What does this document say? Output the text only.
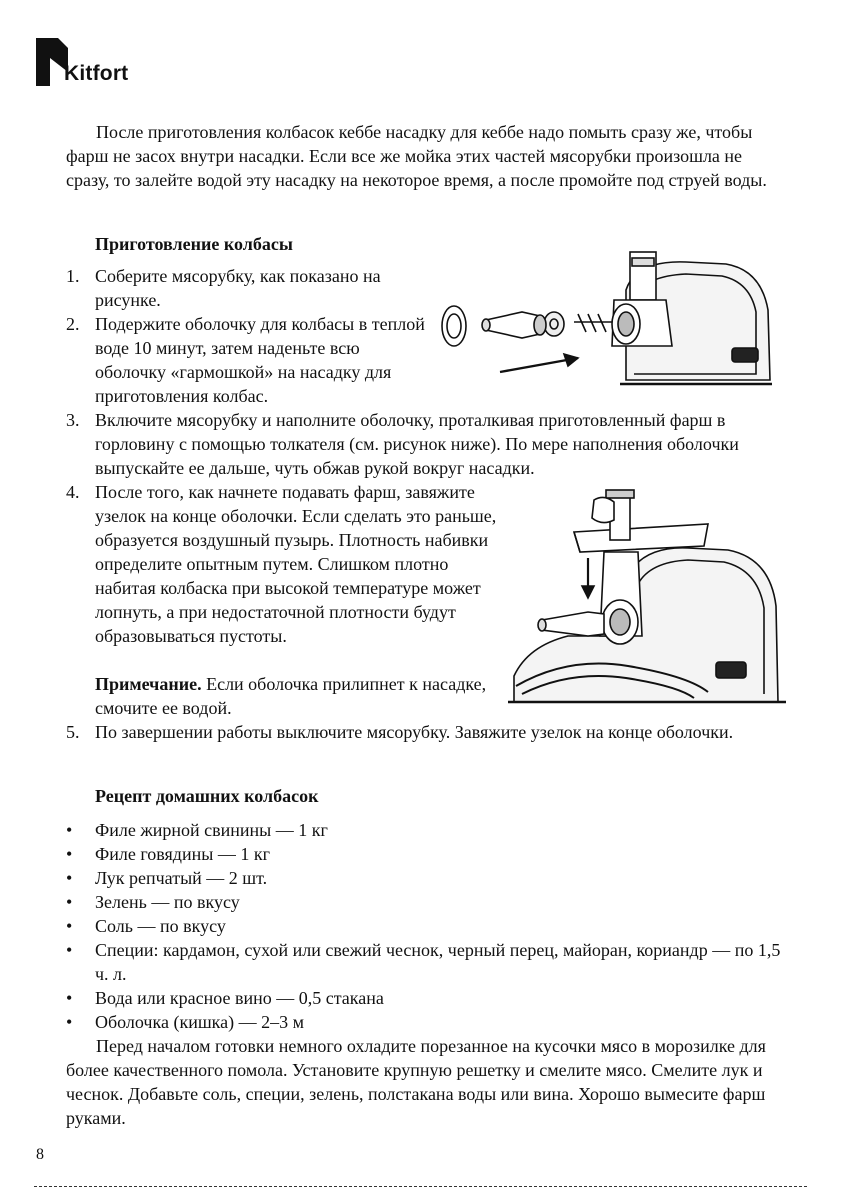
Kitfort

После приготовления колбасок кеббе насадку для кеббе надо помыть сразу же, чтобы фарш не засох внутри насадки. Если все же мойка этих частей мясорубки произошла не сразу, то залейте водой эту насадку на некоторое время, а после промойте под струей воды.

Приготовление колбасы

1. Соберите мясорубку, как показано на рисунке.

2. Подержите оболочку для колбасы в теплой воде 10 минут, затем наденьте всю оболочку «гармошкой» на насадку для приготовления колбас.

3. Включите мясорубку и наполните оболочку, проталкивая приготовленный фарш в горловину с помощью толкателя (см. рисунок ниже). По мере наполнения оболочки выпускайте ее дальше, чуть обжав рукой вокруг насадки.

4. После того, как начнете подавать фарш, завяжите узелок на конце оболочки. Если сделать это раньше, образуется воздушный пузырь. Плотность набивки определите опытным путем. Слишком плотно набитая колбаска при высокой температуре может лопнуть, а при недостаточной плотности будут образовываться пустоты.

Примечание. Если оболочка прилипнет к насадке, смочите ее водой.

5. По завершении работы выключите мясорубку. Завяжите узелок на конце оболочки.

Рецепт домашних колбасок

• Филе жирной свинины — 1 кг

• Филе говядины — 1 кг

• Лук репчатый — 2 шт.

• Зелень — по вкусу

• Соль — по вкусу

• Специи: кардамон, сухой или свежий чеснок, черный перец, майоран, кориандр — по 1,5 ч. л.

• Вода или красное вино — 0,5 стакана

• Оболочка (кишка) — 2–3 м

Перед началом готовки немного охладите порезанное на кусочки мясо в морозилке для более качественного помола. Установите крупную решетку и смелите мясо. Смелите лук и чеснок. Добавьте соль, специи, зелень, полстакана воды или вина. Хорошо вымесите фарш руками.

8
